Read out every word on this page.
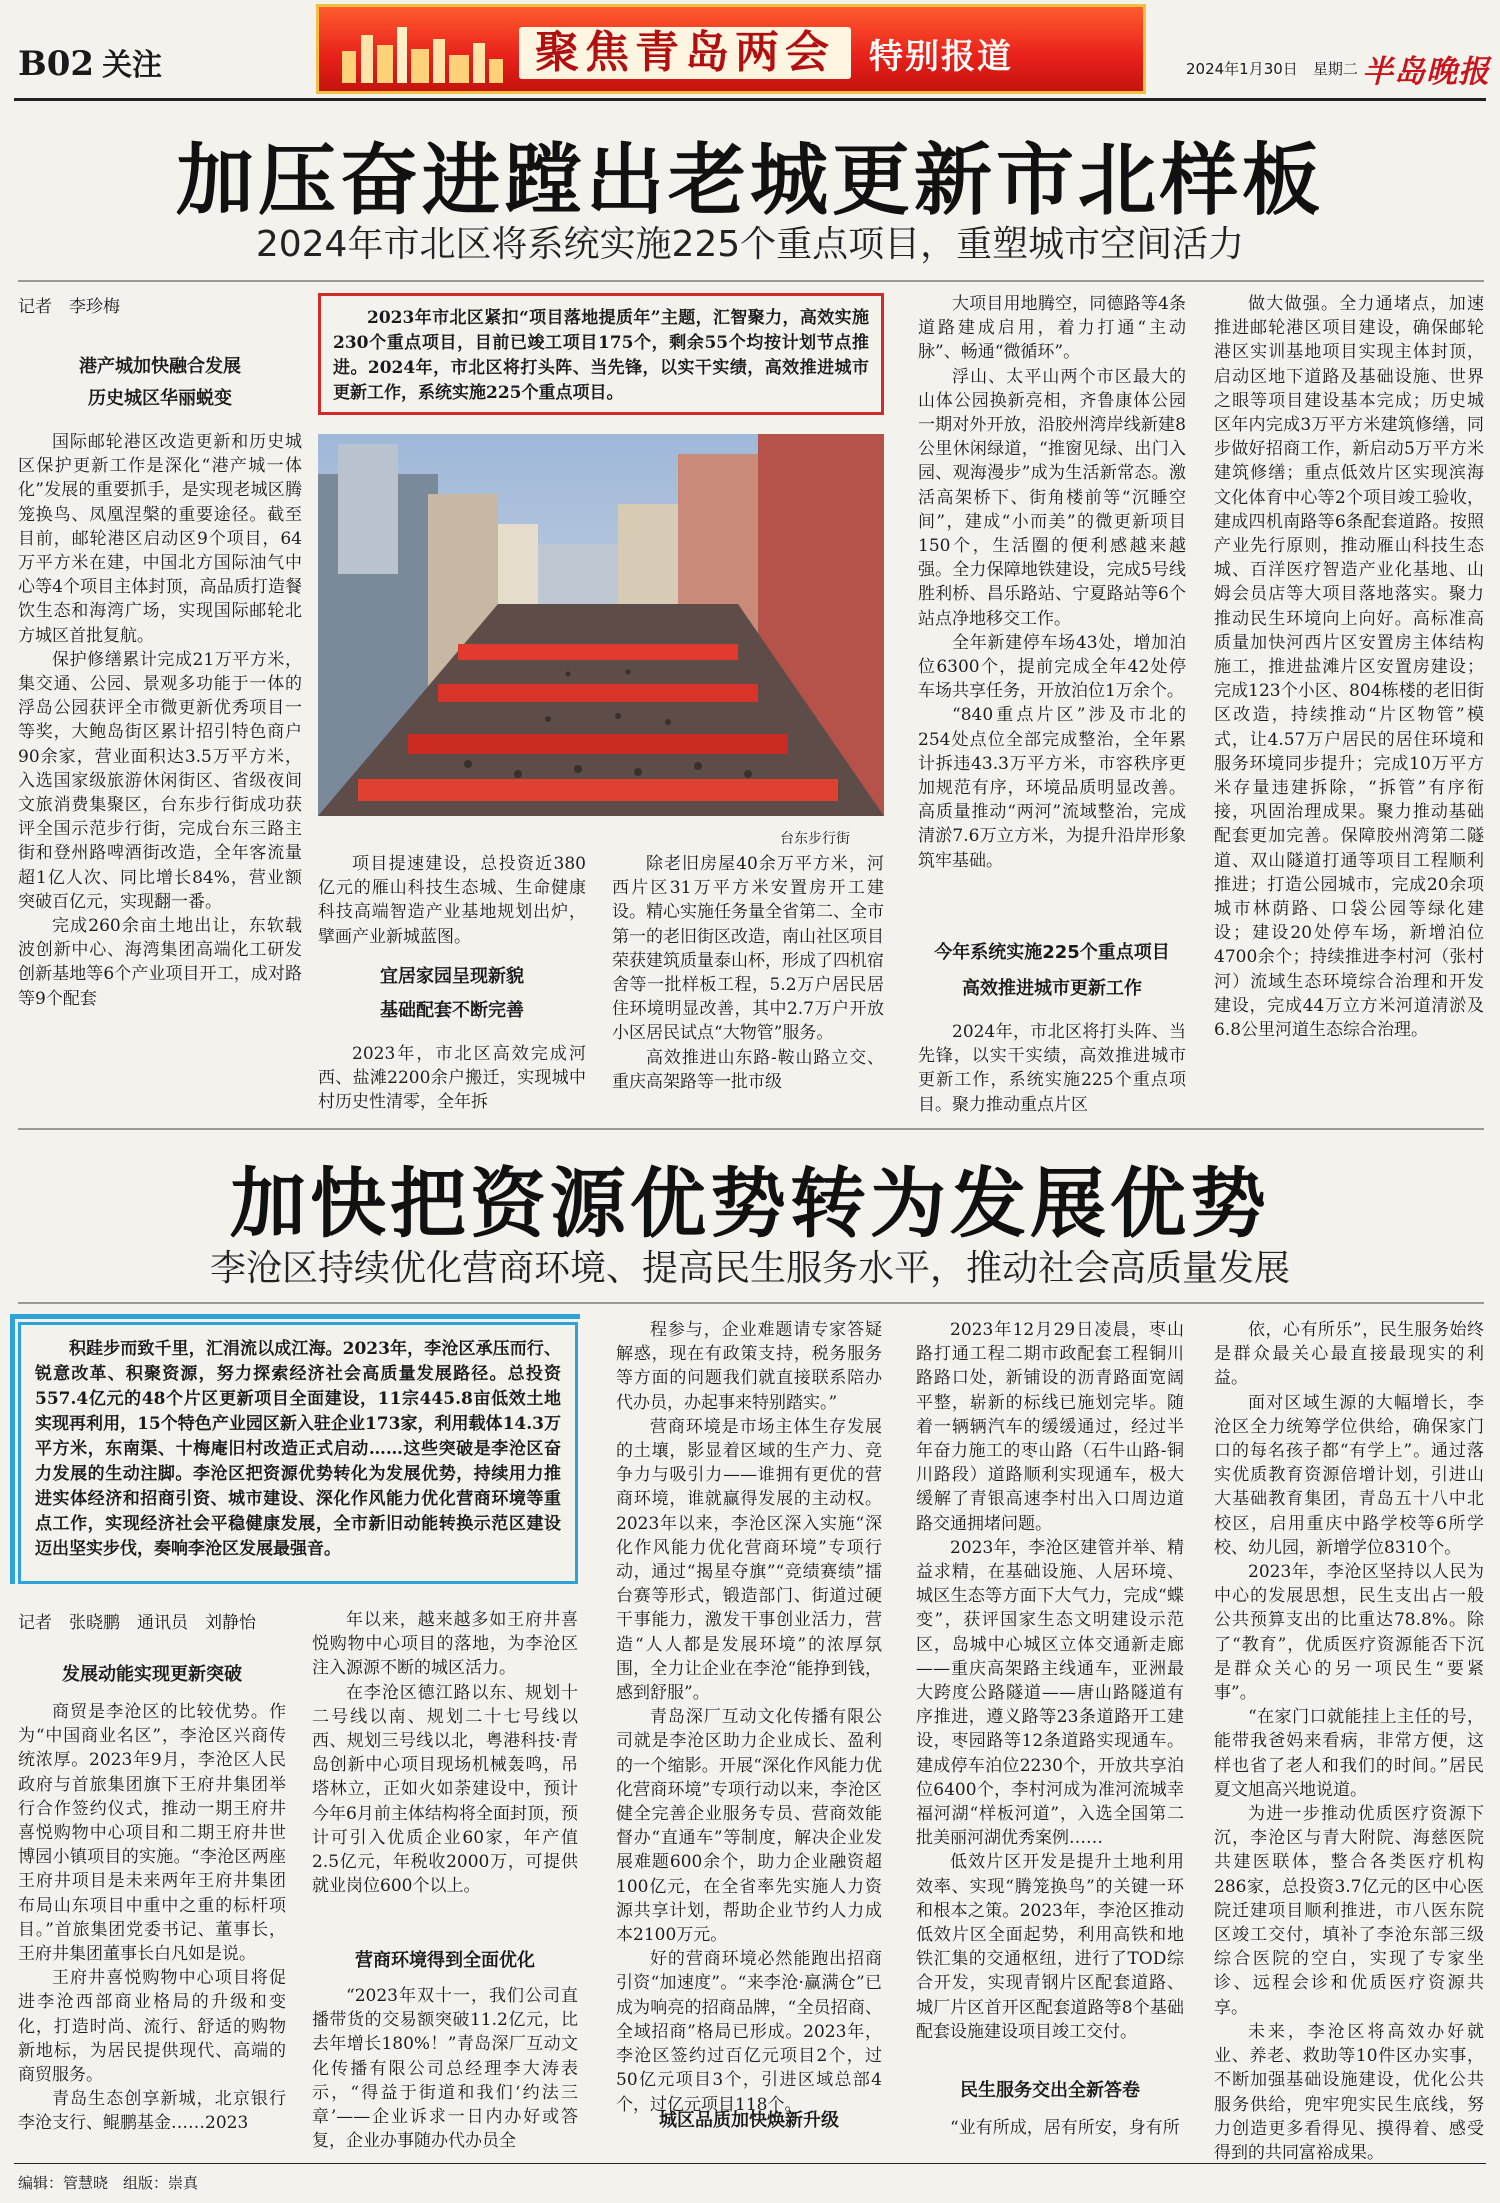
B02 关注	聚焦青岛两会	特别报道	2024年1月30日　 星期二 半岛晚报
加压奋进蹚出老城更新市北样板
2024年市北区将系统实施225个重点项目，重塑城市空间活力
记者　李珍梅
港产城加快融合发展
历史城区华丽蜕变

国际邮轮港区改造更新和历史城区保护更新工作是深化“港产城一体化”发展的重要抓手，是实现老城区腾笼换鸟、凤凰涅槃的重要途径。截至目前，邮轮港区启动区9个项目，64万平方米在建，中国北方国际油气中心等4个项目主体封顶，高品质打造餐饮生态和海湾广场，实现国际邮轮北方城区首批复航。

保护修缮累计完成21万平方米，集交通、公园、景观多功能于一体的浮岛公园获评全市微更新优秀项目一等奖，大鲍岛街区累计招引特色商户90余家，营业面积达3.5万平方米，入选国家级旅游休闲街区、省级夜间文旅消费集聚区，台东步行街成功获评全国示范步行街，完成台东三路主街和登州路啤酒街改造，全年客流量超1亿人次、同比增长84%，营业额突破百亿元，实现翻一番。

完成260余亩土地出让，东软载波创新中心、海湾集团高端化工研发创新基地等6个产业项目开工，成对路等9个配套

2023年市北区紧扣“项目落地提质年”主题，汇智聚力，高效实施230个重点项目，目前已竣工项目175个，剩余55个均按计划节点推进。2024年，市北区将打头阵、当先锋，以实干实绩，高效推进城市更新工作，系统实施225个重点项目。

台东步行街

项目提速建设，总投资近380亿元的雁山科技生态城、生命健康科技高端智造产业基地规划出炉，擘画产业新城蓝图。

宜居家园呈现新貌
基础配套不断完善

2023年，市北区高效完成河西、盐滩2200余户搬迁，实现城中村历史性清零，全年拆

除老旧房屋40余万平方米，河西片区31万平方米安置房开工建设。精心实施任务量全省第二、全市第一的老旧街区改造，南山社区项目荣获建筑质量泰山杯，形成了四机宿舍等一批样板工程，5.2万户居民居住环境明显改善，其中2.7万户开放小区居民试点“大物管”服务。

高效推进山东路-鞍山路立交、重庆高架路等一批市级

大项目用地腾空，同德路等4条道路建成启用，着力打通“主动脉”、畅通“微循环”。

浮山、太平山两个市区最大的山体公园换新亮相，齐鲁康体公园一期对外开放，沿胶州湾岸线新建8公里休闲绿道，“推窗见绿、出门入园、观海漫步”成为生活新常态。激活高架桥下、街角楼前等“沉睡空间”，建成“小而美”的微更新项目150个，生活圈的便利感越来越强。全力保障地铁建设，完成5号线胜利桥、昌乐路站、宁夏路站等6个站点净地移交工作。

全年新建停车场43处，增加泊位6300个，提前完成全年42处停车场共享任务，开放泊位1万余个。

“840重点片区”涉及市北的254处点位全部完成整治，全年累计拆违43.3万平方米，市容秩序更加规范有序，环境品质明显改善。高质量推动“两河”流域整治，完成清淤7.6万立方米，为提升沿岸形象筑牢基础。

今年系统实施225个重点项目
高效推进城市更新工作

2024年，市北区将打头阵、当先锋，以实干实绩，高效推进城市更新工作，系统实施225个重点项目。聚力推动重点片区

做大做强。全力通堵点，加速推进邮轮港区项目建设，确保邮轮港区实训基地项目实现主体封顶，启动区地下道路及基础设施、世界之眼等项目建设基本完成；历史城区年内完成3万平方米建筑修缮，同步做好招商工作，新启动5万平方米建筑修缮；重点低效片区实现滨海文化体育中心等2个项目竣工验收，建成四机南路等6条配套道路。按照产业先行原则，推动雁山科技生态城、百洋医疗智造产业化基地、山姆会员店等大项目落地落实。聚力推动民生环境向上向好。高标准高质量加快河西片区安置房主体结构施工，推进盐滩片区安置房建设；完成123个小区、804栋楼的老旧街区改造，持续推动“片区物管”模式，让4.57万户居民的居住环境和服务环境同步提升；完成10万平方米存量违建拆除，“拆管”有序衔接，巩固治理成果。聚力推动基础配套更加完善。保障胶州湾第二隧道、双山隧道打通等项目工程顺利推进；打造公园城市，完成20余项城市林荫路、口袋公园等绿化建设；建设20处停车场，新增泊位4700余个；持续推进李村河（张村河）流域生态环境综合治理和开发建设，完成44万立方米河道清淤及6.8公里河道生态综合治理。

加快把资源优势转为发展优势
李沧区持续优化营商环境、提高民生服务水平，推动社会高质量发展

积跬步而致千里，汇涓流以成江海。2023年，李沧区承压而行、锐意改革、积聚资源，努力探索经济社会高质量发展路径。总投资557.4亿元的48个片区更新项目全面建设，11宗445.8亩低效土地实现再利用，15个特色产业园区新入驻企业173家，利用载体14.3万平方米，东南渠、十梅庵旧村改造正式启动……这些突破是李沧区奋力发展的生动注脚。李沧区把资源优势转化为发展优势，持续用力推进实体经济和招商引资、城市建设、深化作风能力优化营商环境等重点工作，实现经济社会平稳健康发展，全市新旧动能转换示范区建设迈出坚实步伐，奏响李沧区发展最强音。

记者　张晓鹏　通讯员　刘静怡
发展动能实现更新突破

商贸是李沧区的比较优势。作为“中国商业名区”，李沧区兴商传统浓厚。2023年9月，李沧区人民政府与首旅集团旗下王府井集团举行合作签约仪式，推动一期王府井喜悦购物中心项目和二期王府井世博园小镇项目的实施。“李沧区两座王府井项目是未来两年王府井集团布局山东项目中重中之重的标杆项目。”首旅集团党委书记、董事长，王府井集团董事长白凡如是说。

王府井喜悦购物中心项目将促进李沧西部商业格局的升级和变化，打造时尚、流行、舒适的购物新地标，为居民提供现代、高端的商贸服务。

青岛生态创享新城，北京银行李沧支行、鲲鹏基金……2023

年以来，越来越多如王府井喜悦购物中心项目的落地，为李沧区注入源源不断的城区活力。

在李沧区德江路以东、规划十二号线以南、规划二十七号线以西、规划三号线以北，粤港科技·青岛创新中心项目现场机械轰鸣，吊塔林立，正如火如荼建设中，预计今年6月前主体结构将全面封顶，预计可引入优质企业60家，年产值2.5亿元，年税收2000万，可提供就业岗位600个以上。

营商环境得到全面优化

“2023年双十一，我们公司直播带货的交易额突破11.2亿元，比去年增长180%！”青岛深厂互动文化传播有限公司总经理李大涛表示，“得益于街道和我们‘约法三章’——企业诉求一日内办好或答复，企业办事随办代办员全

程参与，企业难题请专家答疑解惑，现在有政策支持，税务服务等方面的问题我们就直接联系陪办代办员，办起事来特别踏实。”

营商环境是市场主体生存发展的土壤，影显着区域的生产力、竞争力与吸引力——谁拥有更优的营商环境，谁就赢得发展的主动权。2023年以来，李沧区深入实施“深化作风能力优化营商环境”专项行动，通过“揭星夺旗”“竞绩赛绩”擂台赛等形式，锻造部门、街道过硬干事能力，激发干事创业活力，营造“人人都是发展环境”的浓厚氛围，全力让企业在李沧“能挣到钱，感到舒服”。

青岛深厂互动文化传播有限公司就是李沧区助力企业成长、盈利的一个缩影。开展“深化作风能力优化营商环境”专项行动以来，李沧区健全完善企业服务专员、营商效能督办“直通车”等制度，解决企业发展难题600余个，助力企业融资超100亿元，在全省率先实施人力资源共享计划，帮助企业节约人力成本2100万元。

好的营商环境必然能跑出招商引资“加速度”。“来李沧·赢满仓”已成为响亮的招商品牌，“全员招商、全域招商”格局已形成。2023年，李沧区签约过百亿元项目2个，过50亿元项目3个，引进区域总部4个，过亿元项目118个。

城区品质加快焕新升级

2023年12月29日凌晨，枣山路打通工程二期市政配套工程铜川路路口处，新铺设的沥青路面宽阔平整，崭新的标线已施划完毕。随着一辆辆汽车的缓缓通过，经过半年奋力施工的枣山路（石牛山路-铜川路段）道路顺利实现通车，极大缓解了青银高速李村出入口周边道路交通拥堵问题。

2023年，李沧区建管并举、精益求精，在基础设施、人居环境、城区生态等方面下大气力，完成“蝶变”，获评国家生态文明建设示范区，岛城中心城区立体交通新走廊——重庆高架路主线通车，亚洲最大跨度公路隧道——唐山路隧道有序推进，遵义路等23条道路开工建设，枣园路等12条道路实现通车。建成停车泊位2230个，开放共享泊位6400个，李村河成为准河流城幸福河湖“样板河道”，入选全国第二批美丽河湖优秀案例……

低效片区开发是提升土地利用效率、实现“腾笼换鸟”的关键一环和根本之策。2023年，李沧区推动低效片区全面起势，利用高铁和地铁汇集的交通枢纽，进行了TOD综合开发，实现青钢片区配套道路、城厂片区首开区配套道路等8个基础配套设施建设项目竣工交付。

民生服务交出全新答卷

“业有所成，居有所安，身有所

依，心有所乐”，民生服务始终是群众最关心最直接最现实的利益。

面对区域生源的大幅增长，李沧区全力统筹学位供给，确保家门口的每名孩子都“有学上”。通过落实优质教育资源倍增计划，引进山大基础教育集团，青岛五十八中北校区，启用重庆中路学校等6所学校、幼儿园，新增学位8310个。

2023年，李沧区坚持以人民为中心的发展思想，民生支出占一般公共预算支出的比重达78.8%。除了“教育”，优质医疗资源能否下沉是群众关心的另一项民生“要紧事”。

“在家门口就能挂上主任的号，能带我爸妈来看病，非常方便，这样也省了老人和我们的时间。”居民夏文旭高兴地说道。

为进一步推动优质医疗资源下沉，李沧区与青大附院、海慈医院共建医联体，整合各类医疗机构286家，总投资3.7亿元的区中心医院迁建项目顺利推进，市八医东院区竣工交付，填补了李沧东部三级综合医院的空白，实现了专家坐诊、远程会诊和优质医疗资源共享。

未来，李沧区将高效办好就业、养老、救助等10件区办实事，不断加强基础设施建设，优化公共服务供给，兜牢兜实民生底线，努力创造更多看得见、摸得着、感受得到的共同富裕成果。

编辑：管慧晓　组版：崇真
